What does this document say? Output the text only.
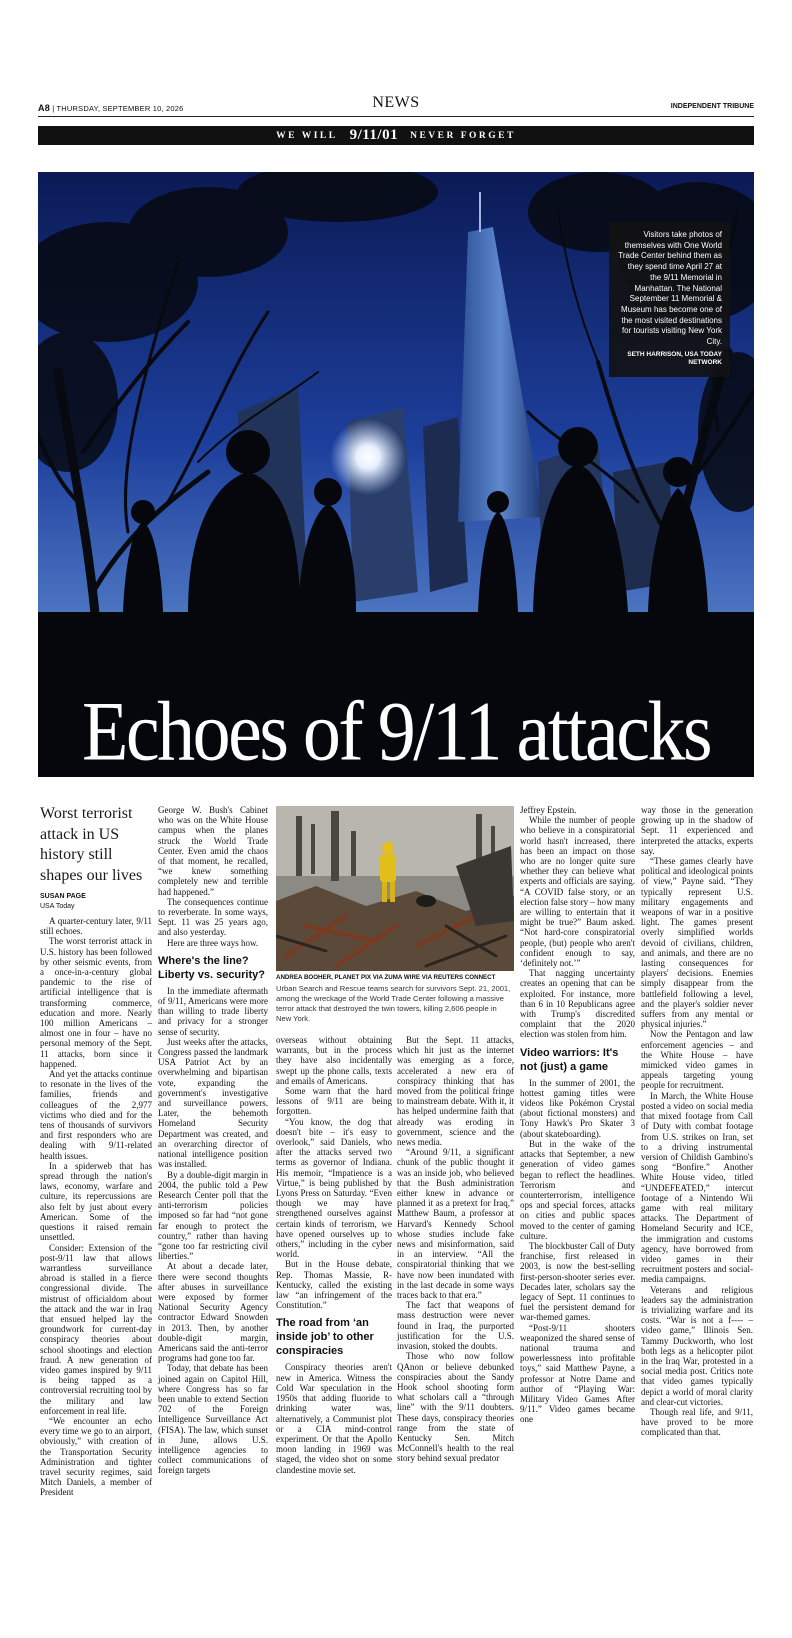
A8 | THURSDAY, SEPTEMBER 10, 2026	NEWS	INDEPENDENT TRIBUNE
WE WILL 9/11/01 NEVER FORGET
Visitors take photos of themselves with One World Trade Center behind them as they spend time April 27 at the 9/11 Memorial in Manhattan. The National September 11 Memorial & Museum has become one of the most visited destinations for tourists visiting New York City.
SETH HARRISON, USA TODAY NETWORK
Echoes of 9/11 attacks
Worst terrorist attack in US history still shapes our lives
SUSAN PAGE
USA Today

A quarter-century later, 9/11 still echoes.

The worst terrorist attack in U.S. history has been followed by other seismic events, from a once-in-a-century global pandemic to the rise of artificial intelligence that is transforming commerce, education and more. Nearly 100 million Americans – almost one in four – have no personal memory of the Sept. 11 attacks, born since it happened.

And yet the attacks continue to resonate in the lives of the families, friends and colleagues of the 2,977 victims who died and for the tens of thousands of survivors and first responders who are dealing with 9/11-related health issues.

In a spiderweb that has spread through the nation's laws, economy, warfare and culture, its repercussions are also felt by just about every American. Some of the questions it raised remain unsettled.

Consider: Extension of the post-9/11 law that allows warrantless surveillance abroad is stalled in a fierce congressional divide. The mistrust of officialdom about the attack and the war in Iraq that ensued helped lay the groundwork for current-day conspiracy theories about school shootings and election fraud. A new generation of video games inspired by 9/11 is being tapped as a controversial recruiting tool by the military and law enforcement in real life.

“We encounter an echo every time we go to an airport, obviously,” with creation of the Transportation Security Administration and tighter travel security regimes, said Mitch Daniels, a member of President

George W. Bush's Cabinet who was on the White House campus when the planes struck the World Trade Center. Even amid the chaos of that moment, he recalled, “we knew something completely new and terrible had happened.”

The consequences continue to reverberate. In some ways, Sept. 11 was 25 years ago, and also yesterday.

Here are three ways how.

Where's the line? Liberty vs. security?

In the immediate aftermath of 9/11, Americans were more than willing to trade liberty and privacy for a stronger sense of security.

Just weeks after the attacks, Congress passed the landmark USA Patriot Act by an overwhelming and bipartisan vote, expanding the government's investigative and surveillance powers. Later, the behemoth Homeland Security Department was created, and an overarching director of national intelligence position was installed.

By a double-digit margin in 2004, the public told a Pew Research Center poll that the anti-terrorism policies imposed so far had “not gone far enough to protect the country,” rather than having “gone too far restricting civil liberties.”

At about a decade later, there were second thoughts after abuses in surveillance were exposed by former National Security Agency contractor Edward Snowden in 2013. Then, by another double-digit margin, Americans said the anti-terror programs had gone too far.

Today, that debate has been joined again on Capitol Hill, where Congress has so far been unable to extend Section 702 of the Foreign Intelligence Surveillance Act (FISA). The law, which sunset in June, allows U.S. intelligence agencies to collect communications of foreign targets

ANDREA BOOHER, PLANET PIX VIA ZUMA WIRE VIA REUTERS CONNECT
Urban Search and Rescue teams search for survivors Sept. 21, 2001, among the wreckage of the World Trade Center following a massive terror attack that destroyed the twin towers, killing 2,606 people in New York.

overseas without obtaining warrants, but in the process they have also incidentally swept up the phone calls, texts and emails of Americans.

Some warn that the hard lessons of 9/11 are being forgotten.

“You know, the dog that doesn't bite – it's easy to overlook,” said Daniels, who after the attacks served two terms as governor of Indiana. His memoir, “Impatience is a Virtue,” is being published by Lyons Press on Saturday. “Even though we may have strengthened ourselves against certain kinds of terrorism, we have opened ourselves up to others,” including in the cyber world.

But in the House debate, Rep. Thomas Massie, R-Kentucky, called the existing law “an infringement of the Constitution.”

The road from ‘an inside job’ to other conspiracies

Conspiracy theories aren't new in America. Witness the Cold War speculation in the 1950s that adding fluoride to drinking water was, alternatively, a Communist plot or a CIA mind-control experiment. Or that the Apollo moon landing in 1969 was staged, the video shot on some clandestine movie set.

But the Sept. 11 attacks, which hit just as the internet was emerging as a force, accelerated a new era of conspiracy thinking that has moved from the political fringe to mainstream debate. With it, it has helped undermine faith that already was eroding in government, science and the news media.

“Around 9/11, a significant chunk of the public thought it was an inside job, who believed that the Bush administration either knew in advance or planned it as a pretext for Iraq,” Matthew Baum, a professor at Harvard's Kennedy School whose studies include fake news and misinformation, said in an interview. “All the conspiratorial thinking that we have now been inundated with in the last decade in some ways traces back to that era.”

The fact that weapons of mass destruction were never found in Iraq, the purported justification for the U.S. invasion, stoked the doubts.

Those who now follow QAnon or believe debunked conspiracies about the Sandy Hook school shooting form what scholars call a “through line” with the 9/11 doubters. These days, conspiracy theories range from the state of Kentucky Sen. Mitch McConnell's health to the real story behind sexual predator

Jeffrey Epstein.

While the number of people who believe in a conspiratorial world hasn't increased, there has been an impact on those who are no longer quite sure whether they can believe what experts and officials are saying. “A COVID false story, or an election false story – how many are willing to entertain that it might be true?” Baum asked. “Not hard-core conspiratorial people, (but) people who aren't confident enough to say, ‘definitely not.’”

That nagging uncertainty creates an opening that can be exploited. For instance, more than 6 in 10 Republicans agree with Trump's discredited complaint that the 2020 election was stolen from him.

Video warriors: It's not (just) a game

In the summer of 2001, the hottest gaming titles were videos like Pokémon Crystal (about fictional monsters) and Tony Hawk's Pro Skater 3 (about skateboarding).

But in the wake of the attacks that September, a new generation of video games began to reflect the headlines. Terrorism and counterterrorism, intelligence ops and special forces, attacks on cities and public spaces moved to the center of gaming culture.

The blockbuster Call of Duty franchise, first released in 2003, is now the best-selling first-person-shooter series ever. Decades later, scholars say the legacy of Sept. 11 continues to fuel the persistent demand for war-themed games.

“Post-9/11 shooters weaponized the shared sense of national trauma and powerlessness into profitable toys,” said Matthew Payne, a professor at Notre Dame and author of “Playing War: Military Video Games After 9/11.” Video games became one

way those in the generation growing up in the shadow of Sept. 11 experienced and interpreted the attacks, experts say.

“These games clearly have political and ideological points of view,” Payne said. “They typically represent U.S. military engagements and weapons of war in a positive light. The games present overly simplified worlds devoid of civilians, children, and animals, and there are no lasting consequences for players' decisions. Enemies simply disappear from the battlefield following a level, and the player's soldier never suffers from any mental or physical injuries.”

Now the Pentagon and law enforcement agencies – and the White House – have mimicked video games in appeals targeting young people for recruitment.

In March, the White House posted a video on social media that mixed footage from Call of Duty with combat footage from U.S. strikes on Iran, set to a driving instrumental version of Childish Gambino's song “Bonfire.” Another White House video, titled “UNDEFEATED,” intercut footage of a Nintendo Wii game with real military attacks. The Department of Homeland Security and ICE, the immigration and customs agency, have borrowed from video games in their recruitment posters and social-media campaigns.

Veterans and religious leaders say the administration is trivializing warfare and its costs. “War is not a f---- – video game,” Illinois Sen. Tammy Duckworth, who lost both legs as a helicopter pilot in the Iraq War, protested in a social media post. Critics note that video games typically depict a world of moral clarity and clear-cut victories.

Though real life, and 9/11, have proved to be more complicated than that.
